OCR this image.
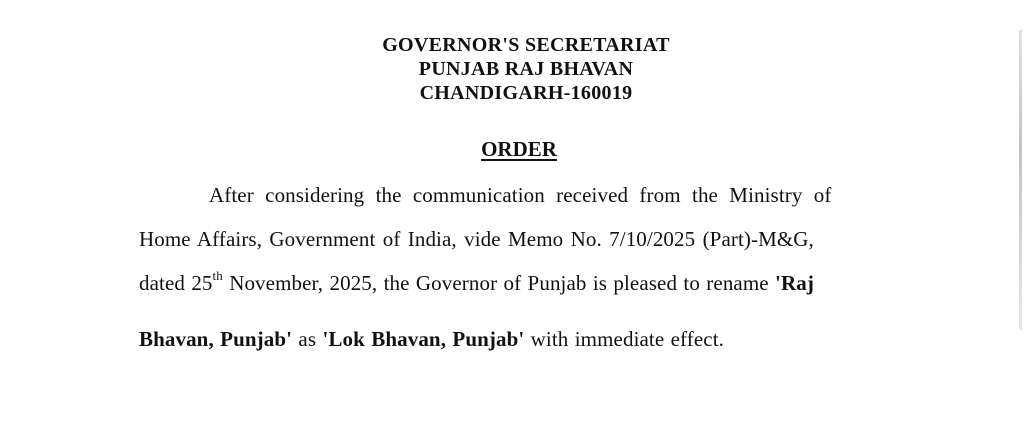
GOVERNOR'S SECRETARIAT
PUNJAB RAJ BHAVAN
CHANDIGARH-160019
ORDER
After considering the communication received from the Ministry of
Home Affairs, Government of India, vide Memo No. 7/10/2025 (Part)-M&G,
dated 25th November, 2025, the Governor of Punjab is pleased to rename 'Raj
Bhavan, Punjab' as 'Lok Bhavan, Punjab' with immediate effect.
